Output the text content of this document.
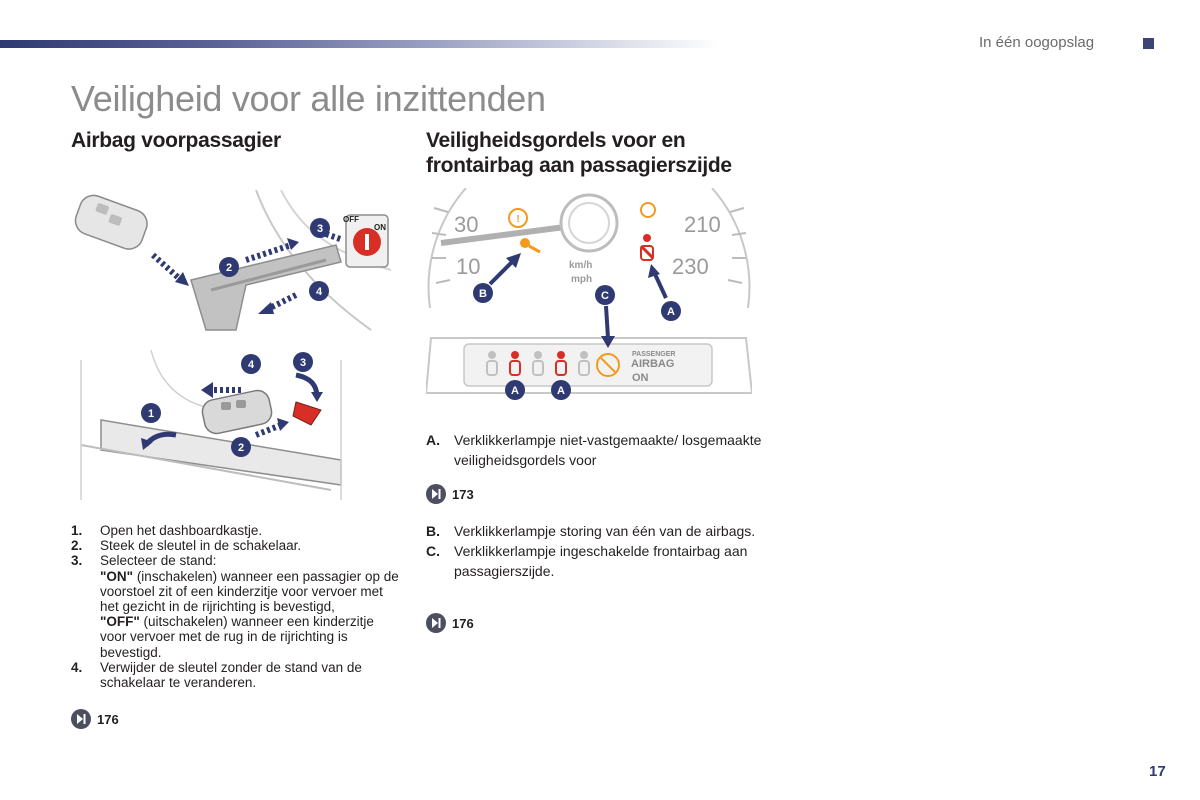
In één oogopslag
Veiligheid voor alle inzittenden
Airbag voorpassagier
OFF
ON
2
3
4
1
2
3
4
1.	Open het dashboardkastje.
2.	Steek de sleutel in de schakelaar.
3.	Selecteer de stand:
"ON" (inschakelen) wanneer een passagier op de voorstoel zit of een kinderzitje voor vervoer met het gezicht in de rijrichting is bevestigd,
"OFF" (uitschakelen) wanneer een kinderzitje voor vervoer met de rug in de rijrichting is bevestigd.
4.	Verwijder de sleutel zonder de stand van de schakelaar te veranderen.
176
Veiligheidsgordels voor en
frontairbag aan passagierszijde
30
10
210
230
km/h
mph
!
PASSENGER
AIRBAG
ON
B	C
A
A	A
A.	Verklikkerlampje niet-vastgemaakte/ losgemaakte veiligheidsgordels voor
173
B.	Verklikkerlampje storing van één van de airbags.
C.	Verklikkerlampje ingeschakelde frontairbag aan passagierszijde.
176
17
